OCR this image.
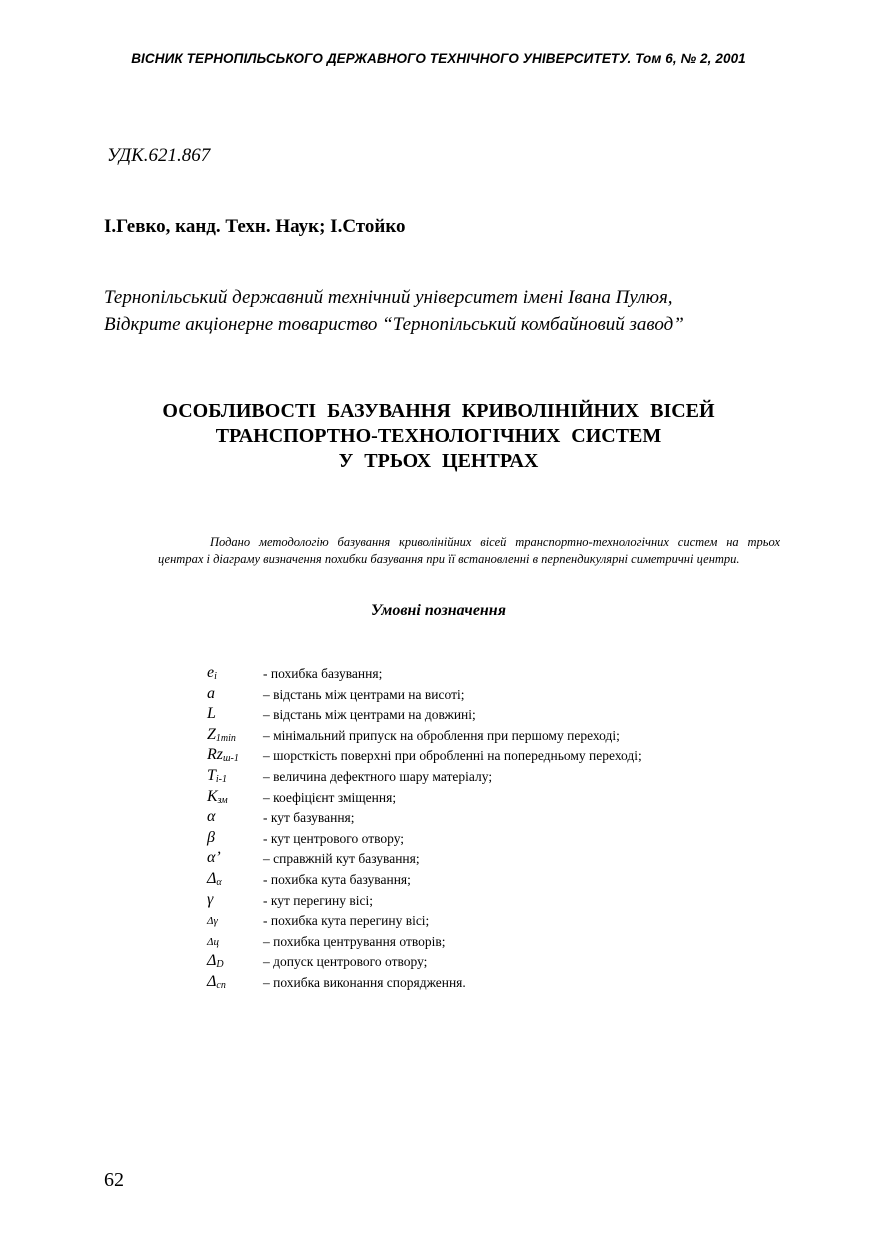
ВІСНИК ТЕРНОПІЛЬСЬКОГО ДЕРЖАВНОГО ТЕХНІЧНОГО УНІВЕРСИТЕТУ. Том 6, № 2, 2001
УДК.621.867
І.Гевко, канд. Техн. Наук; І.Стойко
Тернопільський державний технічний університет імені Івана Пулюя,
Відкрите акціонерне товариство “Тернопільський комбайновий завод”
ОСОБЛИВОСТІ БАЗУВАННЯ КРИВОЛІНІЙНИХ ВІСЕЙ
ТРАНСПОРТНО-ТЕХНОЛОГІЧНИХ СИСТЕМ
У ТРЬОХ ЦЕНТРАХ
Подано методологію базування криволінійних вісей транспортно-технологічних систем на трьох центрах і діаграму визначення похибки базування при її встановленні в перпендикулярні симетричні центри.
Умовні позначення
$e_i$	- похибка базування;
a	– відстань між центрами на висоті;
L	– відстань між центрами на довжині;
$Z_{1min}$	– мінімальний припуск на оброблення при першому переході;
$Rz_{ш-1}$	– шорсткість поверхні при обробленні на попередньому переході;
$T_{i-1}$	– величина дефектного шару матеріалу;
$К_{зм}$	– коефіцієнт зміщення;
α	- кут базування;
β	- кут центрового отвору;
α’	– справжній кут базування;
$\Delta_\alpha$	- похибка кута базування;
γ	- кут перегину вісі;
Δγ	- похибка кута перегину вісі;
Δц	– похибка центрування отворів;
$\Delta_D$	– допуск центрового отвору;
$\Delta_{сп}$	– похибка виконання спорядження.
62
